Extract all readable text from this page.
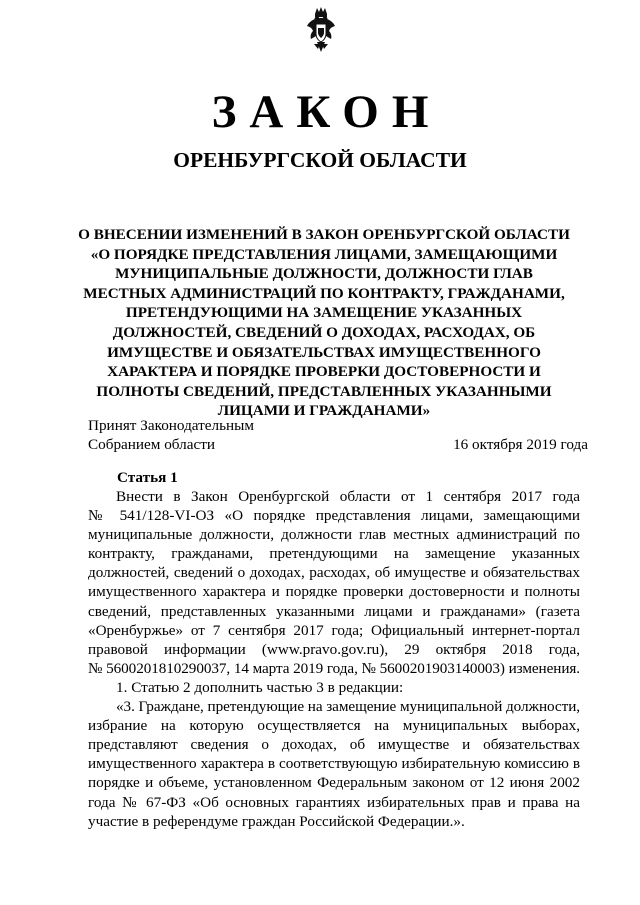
ЗАКОН
ОРЕНБУРГСКОЙ ОБЛАСТИ
О ВНЕСЕНИИ ИЗМЕНЕНИЙ В ЗАКОН ОРЕНБУРГСКОЙ ОБЛАСТИ
«О ПОРЯДКЕ ПРЕДСТАВЛЕНИЯ ЛИЦАМИ, ЗАМЕЩАЮЩИМИ
МУНИЦИПАЛЬНЫЕ ДОЛЖНОСТИ, ДОЛЖНОСТИ ГЛАВ
МЕСТНЫХ АДМИНИСТРАЦИЙ ПО КОНТРАКТУ, ГРАЖДАНАМИ,
ПРЕТЕНДУЮЩИМИ НА ЗАМЕЩЕНИЕ УКАЗАННЫХ
ДОЛЖНОСТЕЙ, СВЕДЕНИЙ О ДОХОДАХ, РАСХОДАХ, ОБ
ИМУЩЕСТВЕ И ОБЯЗАТЕЛЬСТВАХ ИМУЩЕСТВЕННОГО
ХАРАКТЕРА И ПОРЯДКЕ ПРОВЕРКИ ДОСТОВЕРНОСТИ И
ПОЛНОТЫ СВЕДЕНИЙ, ПРЕДСТАВЛЕННЫХ УКАЗАННЫМИ
ЛИЦАМИ И ГРАЖДАНАМИ»
Принят Законодательным
Собранием области	16 октября 2019 года
Статья 1
Внести в Закон Оренбургской области от 1 сентября 2017 года
№ 541/128-VI-ОЗ «О порядке представления лицами, замещающими
муниципальные должности, должности глав местных администраций по
контракту, гражданами, претендующими на замещение указанных
должностей, сведений о доходах, расходах, об имуществе и обязательствах
имущественного характера и порядке проверки достоверности и полноты
сведений, представленных указанными лицами и гражданами» (газета
«Оренбуржье» от 7 сентября 2017 года; Официальный интернет-портал
правовой информации (www.pravo.gov.ru), 29 октября 2018 года,
№ 5600201810290037, 14 марта 2019 года, № 5600201903140003) изменения.
1. Статью 2 дополнить частью 3 в редакции:
«3. Граждане, претендующие на замещение муниципальной должности,
избрание на которую осуществляется на муниципальных выборах,
представляют сведения о доходах, об имуществе и обязательствах
имущественного характера в соответствующую избирательную комиссию в
порядке и объеме, установленном Федеральным законом от 12 июня 2002
года № 67-ФЗ «Об основных гарантиях избирательных прав и права на
участие в референдуме граждан Российской Федерации.».
